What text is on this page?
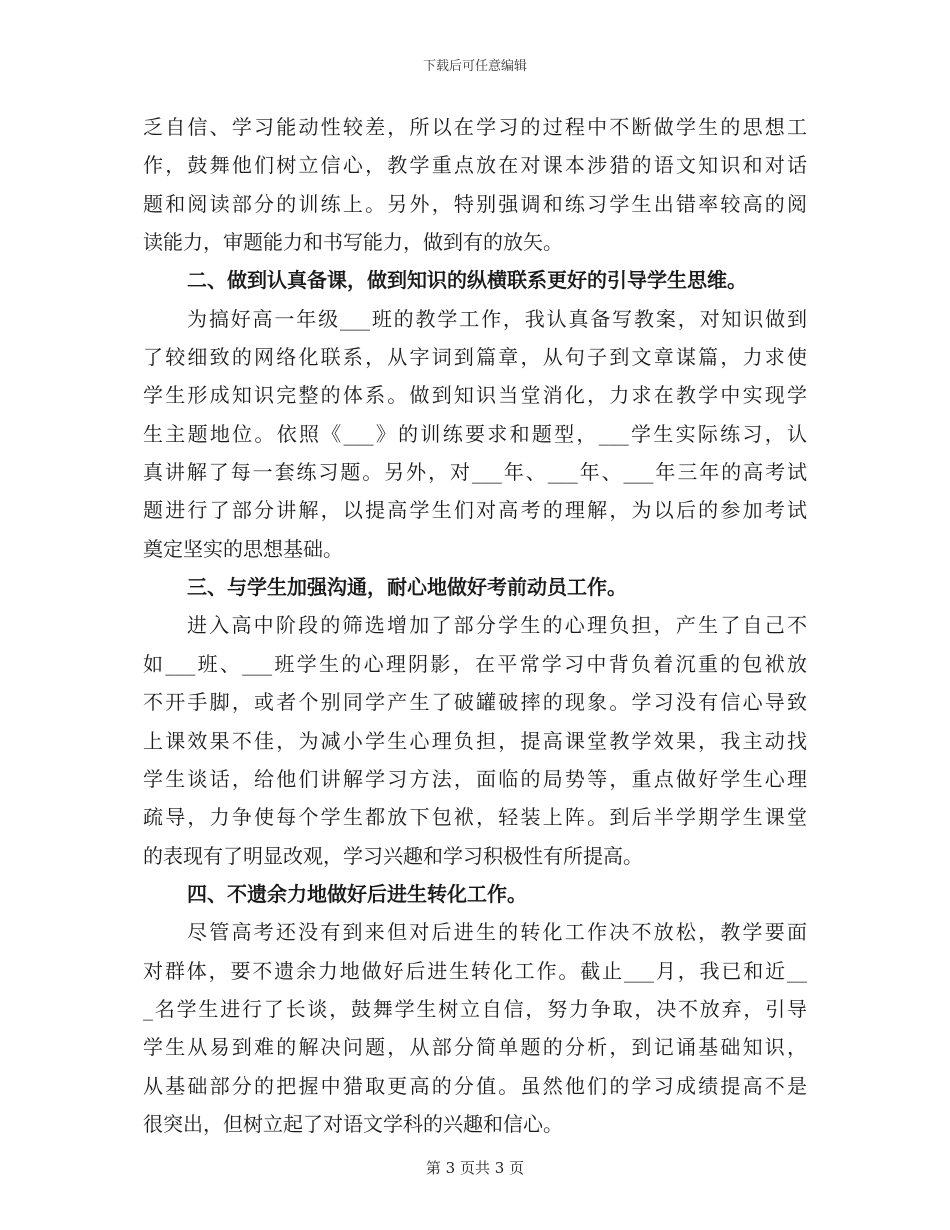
下载后可任意编辑
乏自信、学习能动性较差，所以在学习的过程中不断做学生的思想工
作，鼓舞他们树立信心，教学重点放在对课本涉猎的语文知识和对话
题和阅读部分的训练上。另外，特别强调和练习学生出错率较高的阅
读能力，审题能力和书写能力，做到有的放矢。
二、做到认真备课，做到知识的纵横联系更好的引导学生思维。
为搞好高一年级___班的教学工作，我认真备写教案，对知识做到
了较细致的网络化联系，从字词到篇章，从句子到文章谋篇，力求使
学生形成知识完整的体系。做到知识当堂消化，力求在教学中实现学
生主题地位。依照《___》的训练要求和题型，___学生实际练习，认
真讲解了每一套练习题。另外，对___年、___年、___年三年的高考试
题进行了部分讲解，以提高学生们对高考的理解，为以后的参加考试
奠定坚实的思想基础。
三、与学生加强沟通，耐心地做好考前动员工作。
进入高中阶段的筛选增加了部分学生的心理负担，产生了自己不
如___班、___班学生的心理阴影，在平常学习中背负着沉重的包袱放
不开手脚，或者个别同学产生了破罐破摔的现象。学习没有信心导致
上课效果不佳，为减小学生心理负担，提高课堂教学效果，我主动找
学生谈话，给他们讲解学习方法，面临的局势等，重点做好学生心理
疏导，力争使每个学生都放下包袱，轻装上阵。到后半学期学生课堂
的表现有了明显改观，学习兴趣和学习积极性有所提高。
四、不遗余力地做好后进生转化工作。
尽管高考还没有到来但对后进生的转化工作决不放松，教学要面
对群体，要不遗余力地做好后进生转化工作。截止___月，我已和近__
_名学生进行了长谈，鼓舞学生树立自信，努力争取，决不放弃，引导
学生从易到难的解决问题，从部分简单题的分析，到记诵基础知识，
从基础部分的把握中猎取更高的分值。虽然他们的学习成绩提高不是
很突出，但树立起了对语文学科的兴趣和信心。
第 3 页共 3 页
